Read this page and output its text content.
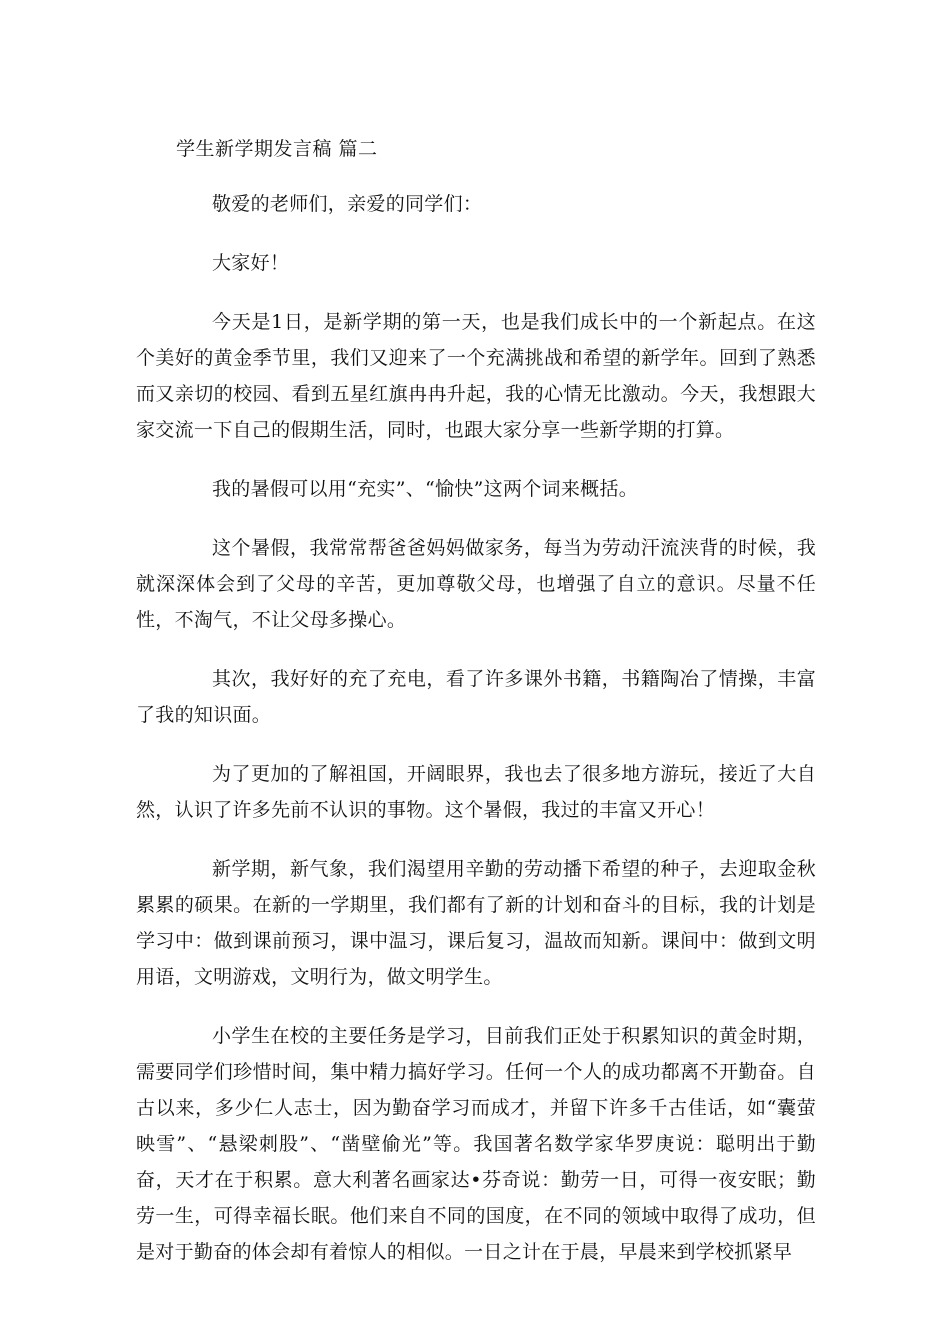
学生新学期发言稿 篇二

敬爱的老师们，亲爱的同学们：

大家好！

今天是1日，是新学期的第一天，也是我们成长中的一个新起点。在这个美好的黄金季节里，我们又迎来了一个充满挑战和希望的新学年。回到了熟悉而又亲切的校园、看到五星红旗冉冉升起，我的心情无比激动。今天，我想跟大家交流一下自己的假期生活，同时，也跟大家分享一些新学期的打算。

我的暑假可以用“充实”、“愉快”这两个词来概括。

这个暑假，我常常帮爸爸妈妈做家务，每当为劳动汗流浃背的时候，我就深深体会到了父母的辛苦，更加尊敬父母，也增强了自立的意识。尽量不任性，不淘气，不让父母多操心。

其次，我好好的充了充电，看了许多课外书籍，书籍陶冶了情操，丰富了我的知识面。

为了更加的了解祖国，开阔眼界，我也去了很多地方游玩，接近了大自然，认识了许多先前不认识的事物。这个暑假，我过的丰富又开心！

新学期，新气象，我们渴望用辛勤的劳动播下希望的种子，去迎取金秋累累的硕果。在新的一学期里，我们都有了新的计划和奋斗的目标，我的计划是学习中：做到课前预习，课中温习，课后复习，温故而知新。课间中：做到文明用语，文明游戏，文明行为，做文明学生。

小学生在校的主要任务是学习，目前我们正处于积累知识的黄金时期，需要同学们珍惜时间，集中精力搞好学习。任何一个人的成功都离不开勤奋。自古以来，多少仁人志士，因为勤奋学习而成才，并留下许多千古佳话，如“囊萤映雪”、“悬梁刺股”、“凿壁偷光”等。我国著名数学家华罗庚说：聪明出于勤奋，天才在于积累。意大利著名画家达•芬奇说：勤劳一日，可得一夜安眠；勤劳一生，可得幸福长眠。他们来自不同的国度，在不同的领域中取得了成功，但是对于勤奋的体会却有着惊人的相似。一日之计在于晨，早晨来到学校抓紧早
